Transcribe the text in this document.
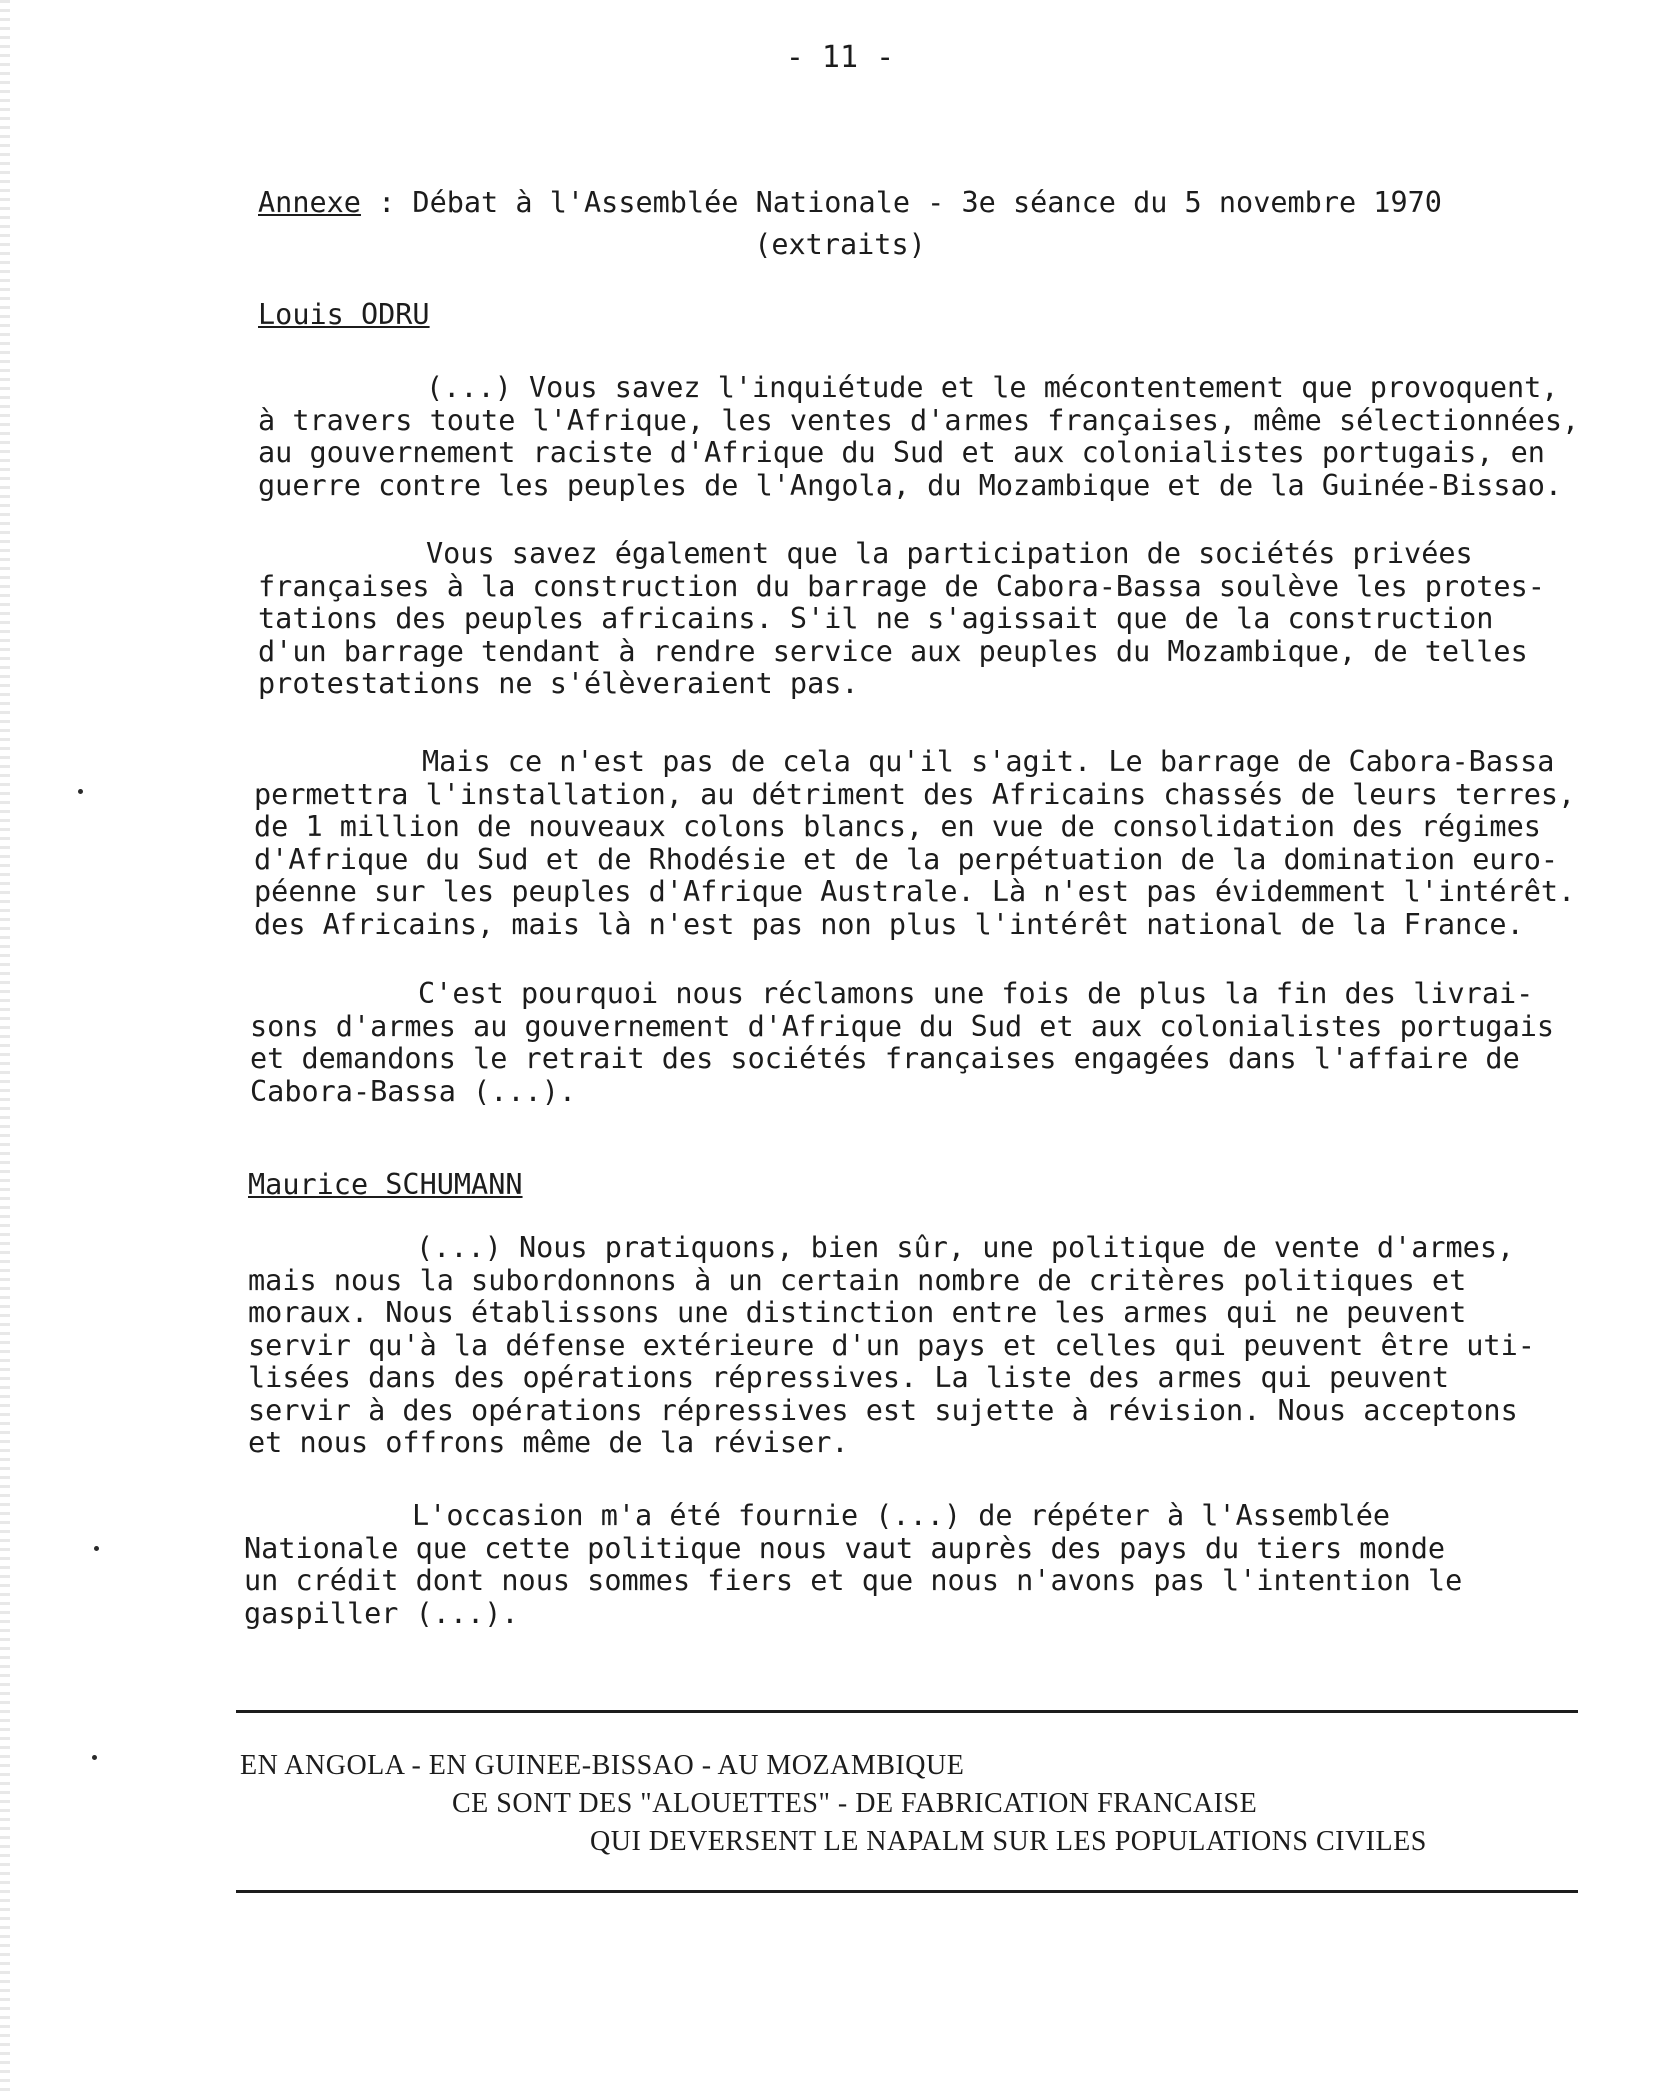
- 11 -
Annexe : Débat à l'Assemblée Nationale - 3e séance du 5 novembre 1970
(extraits)
Louis ODRU
(...) Vous savez l'inquiétude et le mécontentement que provoquent,
à travers toute l'Afrique, les ventes d'armes françaises, même sélectionnées,
au gouvernement raciste d'Afrique du Sud et aux colonialistes portugais, en
guerre contre les peuples de l'Angola, du Mozambique et de la Guinée-Bissao.
Vous savez également que la participation de sociétés privées
françaises à la construction du barrage de Cabora-Bassa soulève les protes-
tations des peuples africains. S'il ne s'agissait que de la construction
d'un barrage tendant à rendre service aux peuples du Mozambique, de telles
protestations ne s'élèveraient pas.
Mais ce n'est pas de cela qu'il s'agit. Le barrage de Cabora-Bassa
permettra l'installation, au détriment des Africains chassés de leurs terres,
de 1 million de nouveaux colons blancs, en vue de consolidation des régimes
d'Afrique du Sud et de Rhodésie et de la perpétuation de la domination euro-
péenne sur les peuples d'Afrique Australe. Là n'est pas évidemment l'intérêt.
des Africains, mais là n'est pas non plus l'intérêt national de la France.
C'est pourquoi nous réclamons une fois de plus la fin des livrai-
sons d'armes au gouvernement d'Afrique du Sud et aux colonialistes portugais
et demandons le retrait des sociétés françaises engagées dans l'affaire de
Cabora-Bassa (...).
Maurice SCHUMANN
(...) Nous pratiquons, bien sûr, une politique de vente d'armes,
mais nous la subordonnons à un certain nombre de critères politiques et
moraux. Nous établissons une distinction entre les armes qui ne peuvent
servir qu'à la défense extérieure d'un pays et celles qui peuvent être uti-
lisées dans des opérations répressives. La liste des armes qui peuvent
servir à des opérations répressives est sujette à révision. Nous acceptons
et nous offrons même de la réviser.
L'occasion m'a été fournie (...) de répéter à l'Assemblée
Nationale que cette politique nous vaut auprès des pays du tiers monde
un crédit dont nous sommes fiers et que nous n'avons pas l'intention le
gaspiller (...).
EN ANGOLA - EN GUINEE-BISSAO - AU MOZAMBIQUE
CE SONT DES "ALOUETTES" - DE FABRICATION FRANCAISE
QUI DEVERSENT LE NAPALM SUR LES POPULATIONS CIVILES
